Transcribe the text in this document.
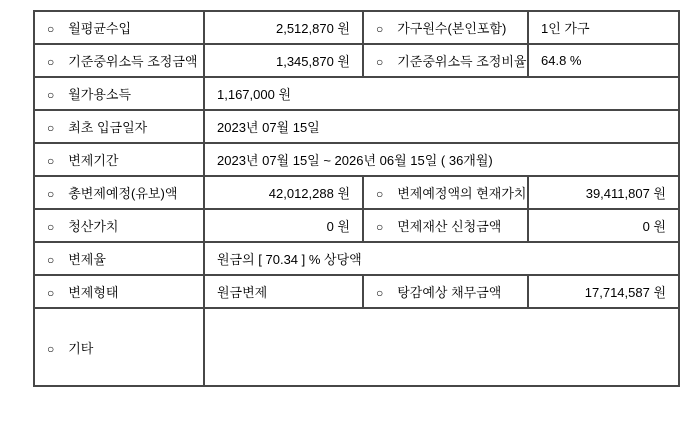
○ 월평균수입	2,512,870 원	○ 가구원수(본인포함)	1인 가구
○ 기준중위소득 조정금액	1,345,870 원	○ 기준중위소득 조정비율	64.8 %
○ 월가용소득	1,167,000 원		
○ 최초 입금일자	2023년 07월 15일		
○ 변제기간	2023년 07월 15일 ~ 2026년 06월 15일 ( 36개월)		
○ 총변제예정(유보)액	42,012,288 원	○ 변제예정액의 현재가치	39,411,807 원
○ 청산가치	0 원	○ 면제재산 신청금액	0 원
○ 변제율	원금의 [ 70.34 ] % 상당액		
○ 변제형태	원금변제	○ 탕감예상 채무금액	17,714,587 원
○ 기타			
